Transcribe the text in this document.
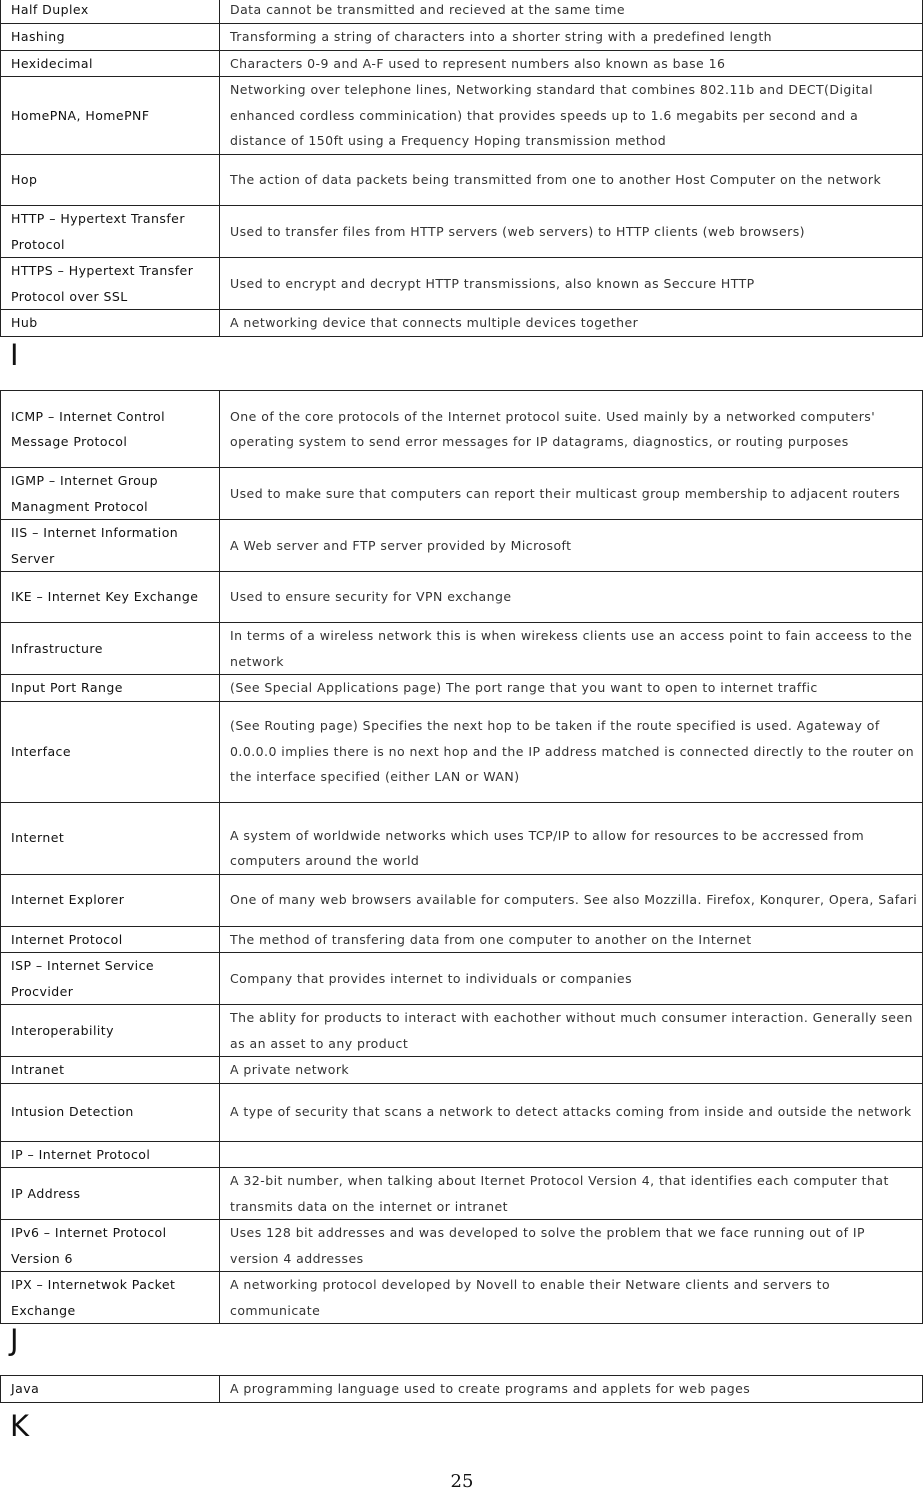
Half Duplex	Data cannot be transmitted and recieved at the same time
Hashing	Transforming a string of characters into a shorter string with a predefined length
Hexidecimal	Characters 0-9 and A-F used to represent numbers also known as base 16
HomePNA, HomePNF	Networking over telephone lines, Networking standard that combines 802.11b and DECT(Digital enhanced cordless comminication) that provides speeds up to 1.6 megabits per second and a distance of 150ft using a Frequency Hoping transmission method
Hop	The action of data packets being transmitted from one to another Host Computer on the network
HTTP – Hypertext Transfer Protocol	Used to transfer files from HTTP servers (web servers) to HTTP clients (web browsers)
HTTPS – Hypertext Transfer Protocol over SSL	Used to encrypt and decrypt HTTP transmissions, also known as Seccure HTTP
Hub	A networking device that connects multiple devices together
I
ICMP – Internet Control Message Protocol	One of the core protocols of the Internet protocol suite. Used mainly by a networked computers' operating system to send error messages for IP datagrams, diagnostics, or routing purposes
IGMP – Internet Group Managment Protocol	Used to make sure that computers can report their multicast group membership to adjacent routers
IIS – Internet Information Server	A Web server and FTP server provided by Microsoft
IKE – Internet Key Exchange	Used to ensure security for VPN exchange
Infrastructure	In terms of a wireless network this is when wirekess clients use an access point to fain acceess to the network
Input Port Range	(See Special Applications page) The port range that you want to open to internet traffic
Interface	(See Routing page) Specifies the next hop to be taken if the route specified is used. Agateway of 0.0.0.0 implies there is no next hop and the IP address matched is connected directly to the router on the interface specified (either LAN or WAN)
Internet	A system of worldwide networks which uses TCP/IP to allow for resources to be accressed from computers around the world
Internet Explorer	One of many web browsers available for computers. See also Mozzilla. Firefox, Konqurer, Opera, Safari
Internet Protocol	The method of transfering data from one computer to another on the Internet
ISP – Internet Service Procvider	Company that provides internet to individuals or companies
Interoperability	The ablity for products to interact with eachother without much consumer interaction. Generally seen as an asset to any product
Intranet	A private network
Intusion Detection	A type of security that scans a network to detect attacks coming from inside and outside the network
IP – Internet Protocol	
IP Address	A 32-bit number, when talking about Iternet Protocol Version 4, that identifies each computer that transmits data on the internet or intranet
IPv6 – Internet Protocol Version 6	Uses 128 bit addresses and was developed to solve the problem that we face running out of IP version 4 addresses
IPX – Internetwok Packet Exchange	A networking protocol developed by Novell to enable their Netware clients and servers to communicate
J
Java	A programming language used to create programs and applets for web pages
K
25
